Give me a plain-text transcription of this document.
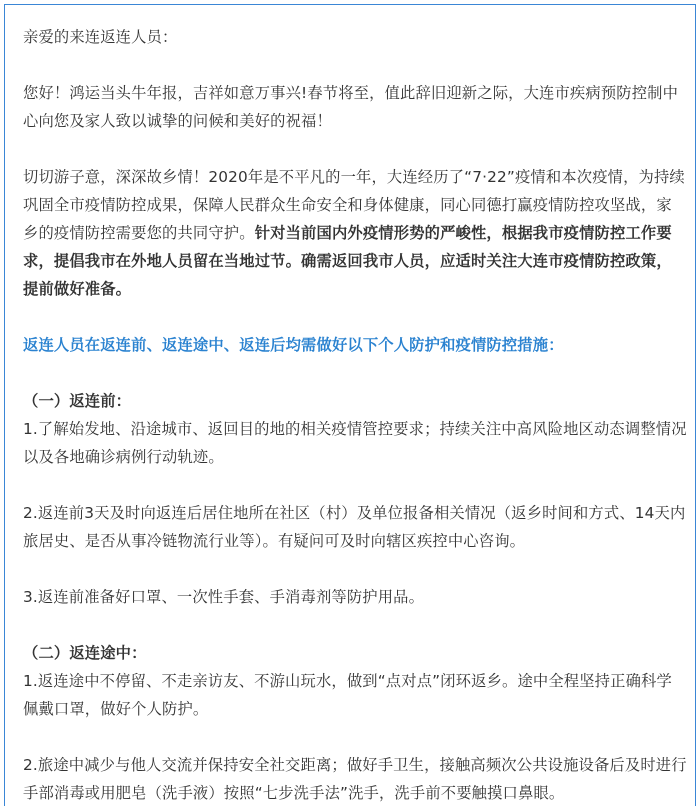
亲爱的来连返连人员：

您好！鸿运当头牛年报，吉祥如意万事兴!春节将至，值此辞旧迎新之际，大连市疾病预防控制中心向您及家人致以诚挚的问候和美好的祝福！

切切游子意，深深故乡情！2020年是不平凡的一年，大连经历了“7·22”疫情和本次疫情，为持续巩固全市疫情防控成果，保障人民群众生命安全和身体健康，同心同德打赢疫情防控攻坚战，家乡的疫情防控需要您的共同守护。针对当前国内外疫情形势的严峻性，根据我市疫情防控工作要求，提倡我市在外地人员留在当地过节。确需返回我市人员，应适时关注大连市疫情防控政策，提前做好准备。

返连人员在返连前、返连途中、返连后均需做好以下个人防护和疫情防控措施：

（一）返连前：

1.了解始发地、沿途城市、返回目的地的相关疫情管控要求；持续关注中高风险地区动态调整情况以及各地确诊病例行动轨迹。

2.返连前3天及时向返连后居住地所在社区（村）及单位报备相关情况（返乡时间和方式、14天内旅居史、是否从事冷链物流行业等）。有疑问可及时向辖区疾控中心咨询。

3.返连前准备好口罩、一次性手套、手消毒剂等防护用品。

（二）返连途中：

1.返连途中不停留、不走亲访友、不游山玩水，做到“点对点”闭环返乡。途中全程坚持正确科学佩戴口罩，做好个人防护。

2.旅途中减少与他人交流并保持安全社交距离；做好手卫生，接触高频次公共设施设备后及时进行手部消毒或用肥皂（洗手液）按照“七步洗手法”洗手，洗手前不要触摸口鼻眼。
